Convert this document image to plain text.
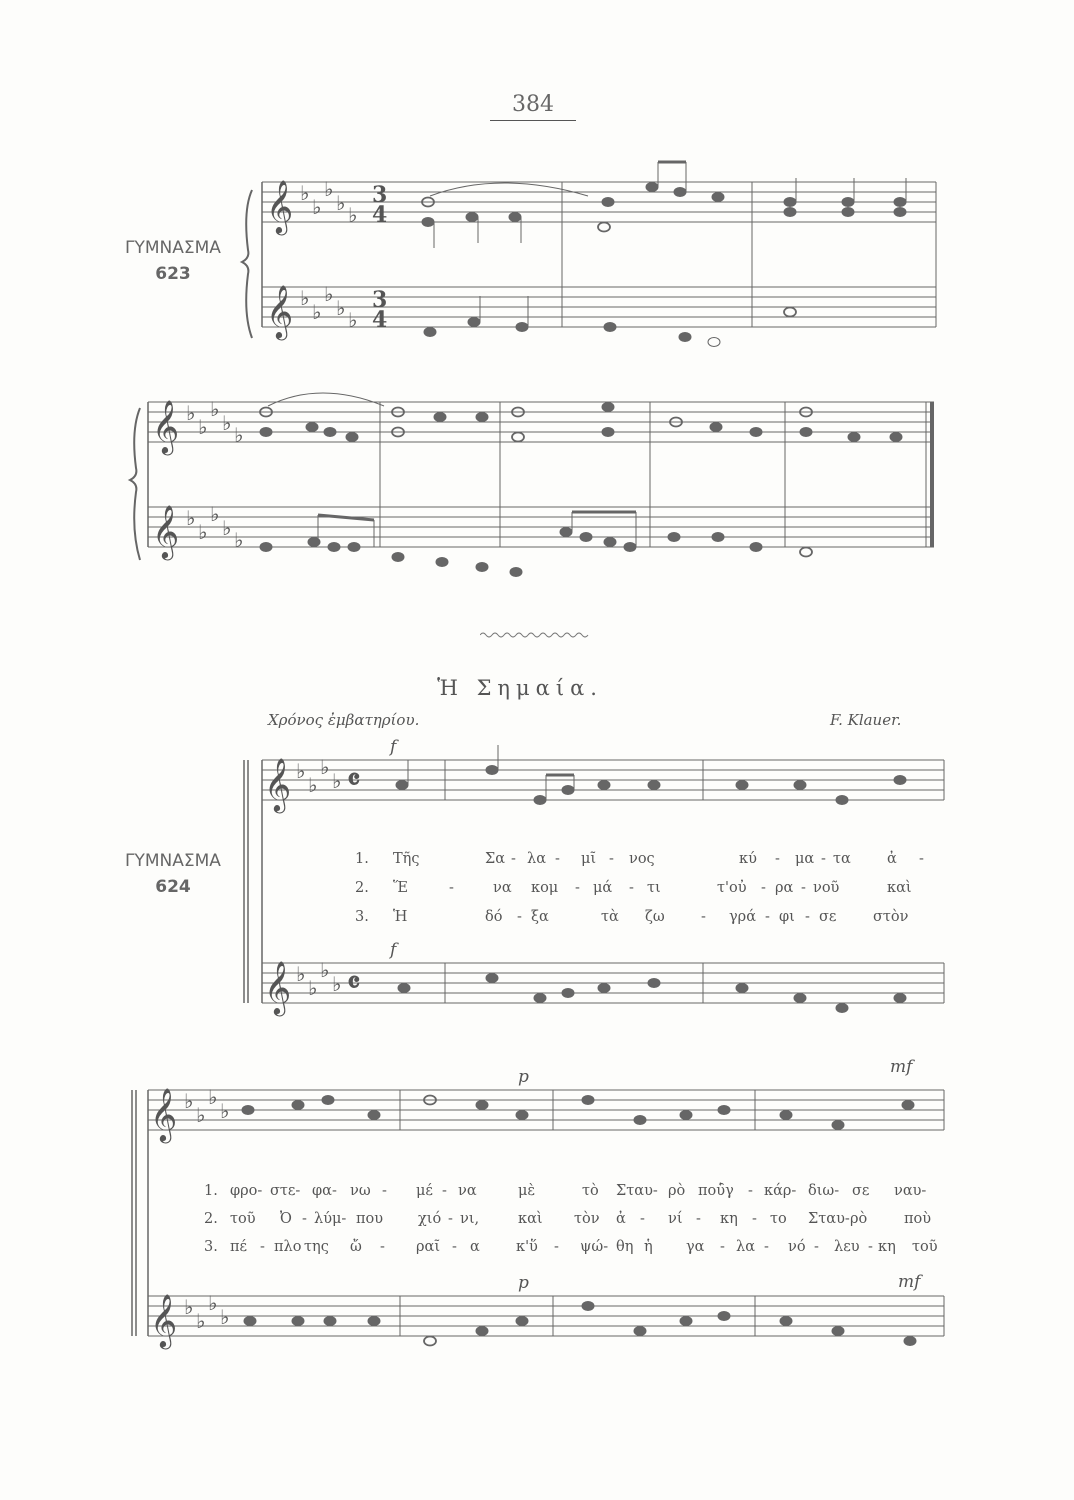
384
ΓΥΜΝΑΣΜΑ
623
ΓΥΜΝΑΣΜΑ
624
Ἡ Σημαία.
Χρόνος ἐμβατηρίου.	F. Klauer.
𝄞
𝄞
𝄞
𝄞
𝄞
𝄞
𝄞
𝄞
♭
♭
♭
♭ ♭
♭
♭
♭
♭ ♭
♭
♭
♭
♭ ♭
♭
♭
♭
♭ ♭
♭
♭
♭
♭
♭
♭
♭
♭
♭
♭
♭
♭
♭
♭
♭
♭
3
4
3
4
𝄴
𝄴
f
f
p
p
mf
mf
1. Τῆς	Σα - λα - μῖ - νος	κύ - μα - τα ἀ -
2. Ἕ	-	να κομ - μά - τι	τ'οὐ - ρα - νοῦ	καὶ
3. Ἡ	δό - ξα	τὰ ζω	- γρά - φι - σε	στὸν
1. φρο- στε- φα- νω - μέ - να	μὲ	τὸ Σταυ- ρὸ ποὐ̑γ - κάρ- διω- σε ναυ-
2. τοῦ Ὀ - λύμ- που χιό - νι,	καὶ τὸν ἀ - νί - κη - το Σταυ- ρὸ	ποὺ
3. πέ - πλο της ὤ - ραῖ - α κ'ὕ - ψώ- θη ἡ γα - λα - νό - λευ - κη τοῦ
